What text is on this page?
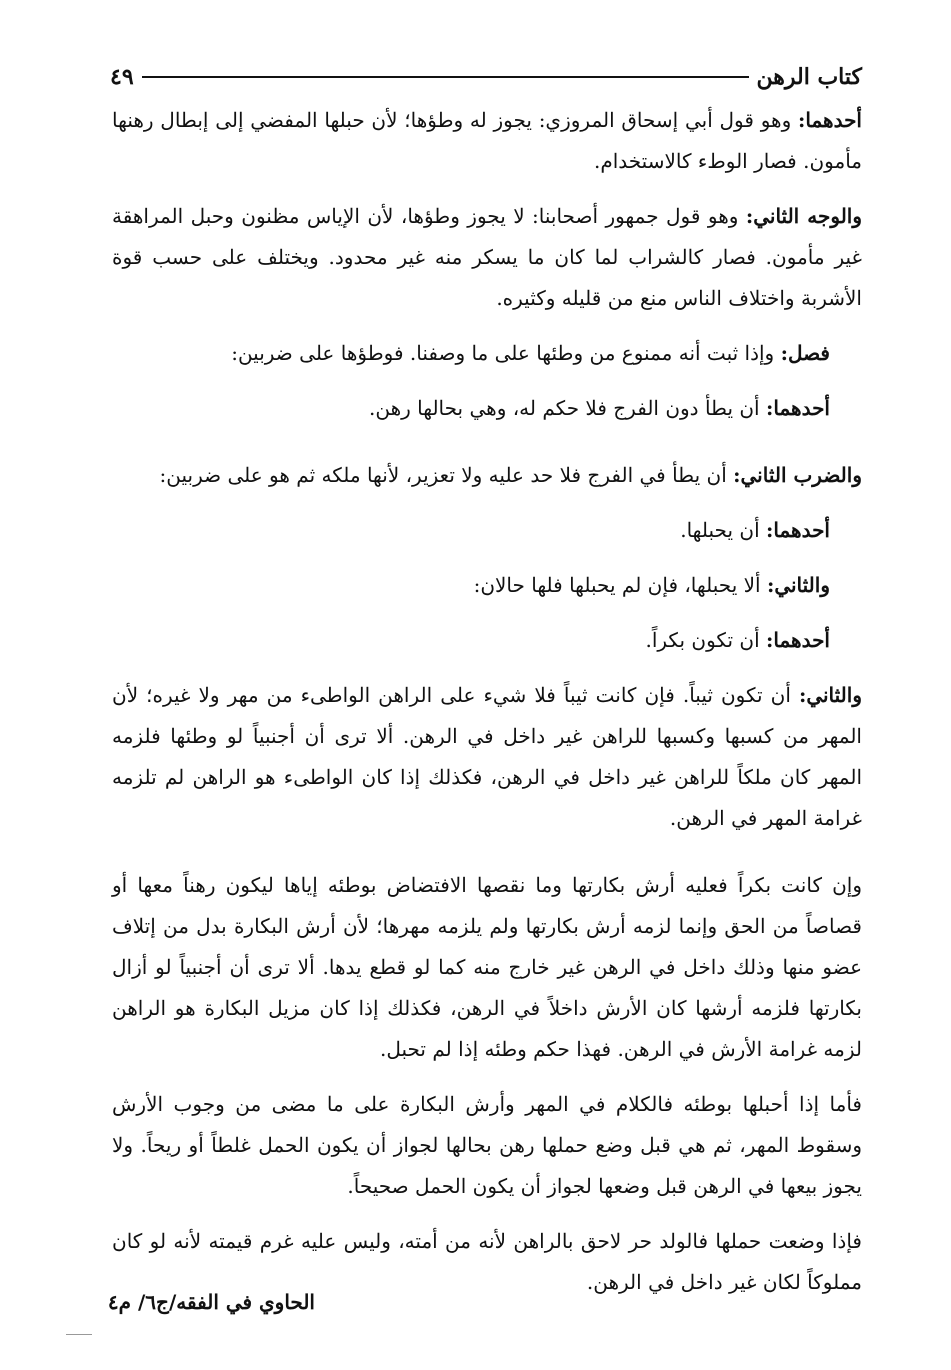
كتاب الرهن
٤٩

أحدهما: وهو قول أبي إسحاق المروزي: يجوز له وطؤها؛ لأن حبلها المفضي إلى إبطال رهنها مأمون. فصار الوطء كالاستخدام.

والوجه الثاني: وهو قول جمهور أصحابنا: لا يجوز وطؤها، لأن الإياس مظنون وحبل المراهقة غير مأمون. فصار كالشراب لما كان ما يسكر منه غير محدود. ويختلف على حسب قوة الأشربة واختلاف الناس منع من قليله وكثيره.

فصل: وإذا ثبت أنه ممنوع من وطئها على ما وصفنا. فوطؤها على ضربين:

أحدهما: أن يطأ دون الفرج فلا حكم له، وهي بحالها رهن.

والضرب الثاني: أن يطأ في الفرج فلا حد عليه ولا تعزير، لأنها ملكه ثم هو على ضربين:

أحدهما: أن يحبلها.

والثاني: ألا يحبلها، فإن لم يحبلها فلها حالان:

أحدهما: أن تكون بكراً.

والثاني: أن تكون ثيباً. فإن كانت ثيباً فلا شيء على الراهن الواطىء من مهر ولا غيره؛ لأن المهر من كسبها وكسبها للراهن غير داخل في الرهن. ألا ترى أن أجنبياً لو وطئها فلزمه المهر كان ملكاً للراهن غير داخل في الرهن، فكذلك إذا كان الواطىء هو الراهن لم تلزمه غرامة المهر في الرهن.

وإن كانت بكراً فعليه أرش بكارتها وما نقصها الافتضاض بوطئه إياها ليكون رهناً معها أو قصاصاً من الحق وإنما لزمه أرش بكارتها ولم يلزمه مهرها؛ لأن أرش البكارة بدل من إتلاف عضو منها وذلك داخل في الرهن غير خارج منه كما لو قطع يدها. ألا ترى أن أجنبياً لو أزال بكارتها فلزمه أرشها كان الأرش داخلاً في الرهن، فكذلك إذا كان مزيل البكارة هو الراهن لزمه غرامة الأرش في الرهن. فهذا حكم وطئه إذا لم تحبل.

فأما إذا أحبلها بوطئه فالكلام في المهر وأرش البكارة على ما مضى من وجوب الأرش وسقوط المهر، ثم هي قبل وضع حملها رهن بحالها لجواز أن يكون الحمل غلطاً أو ريحاً. ولا يجوز بيعها في الرهن قبل وضعها لجواز أن يكون الحمل صحيحاً.

فإذا وضعت حملها فالولد حر لاحق بالراهن لأنه من أمته، وليس عليه غرم قيمته لأنه لو كان مملوكاً لكان غير داخل في الرهن.

الحاوي في الفقه/ج٦/ م٤
